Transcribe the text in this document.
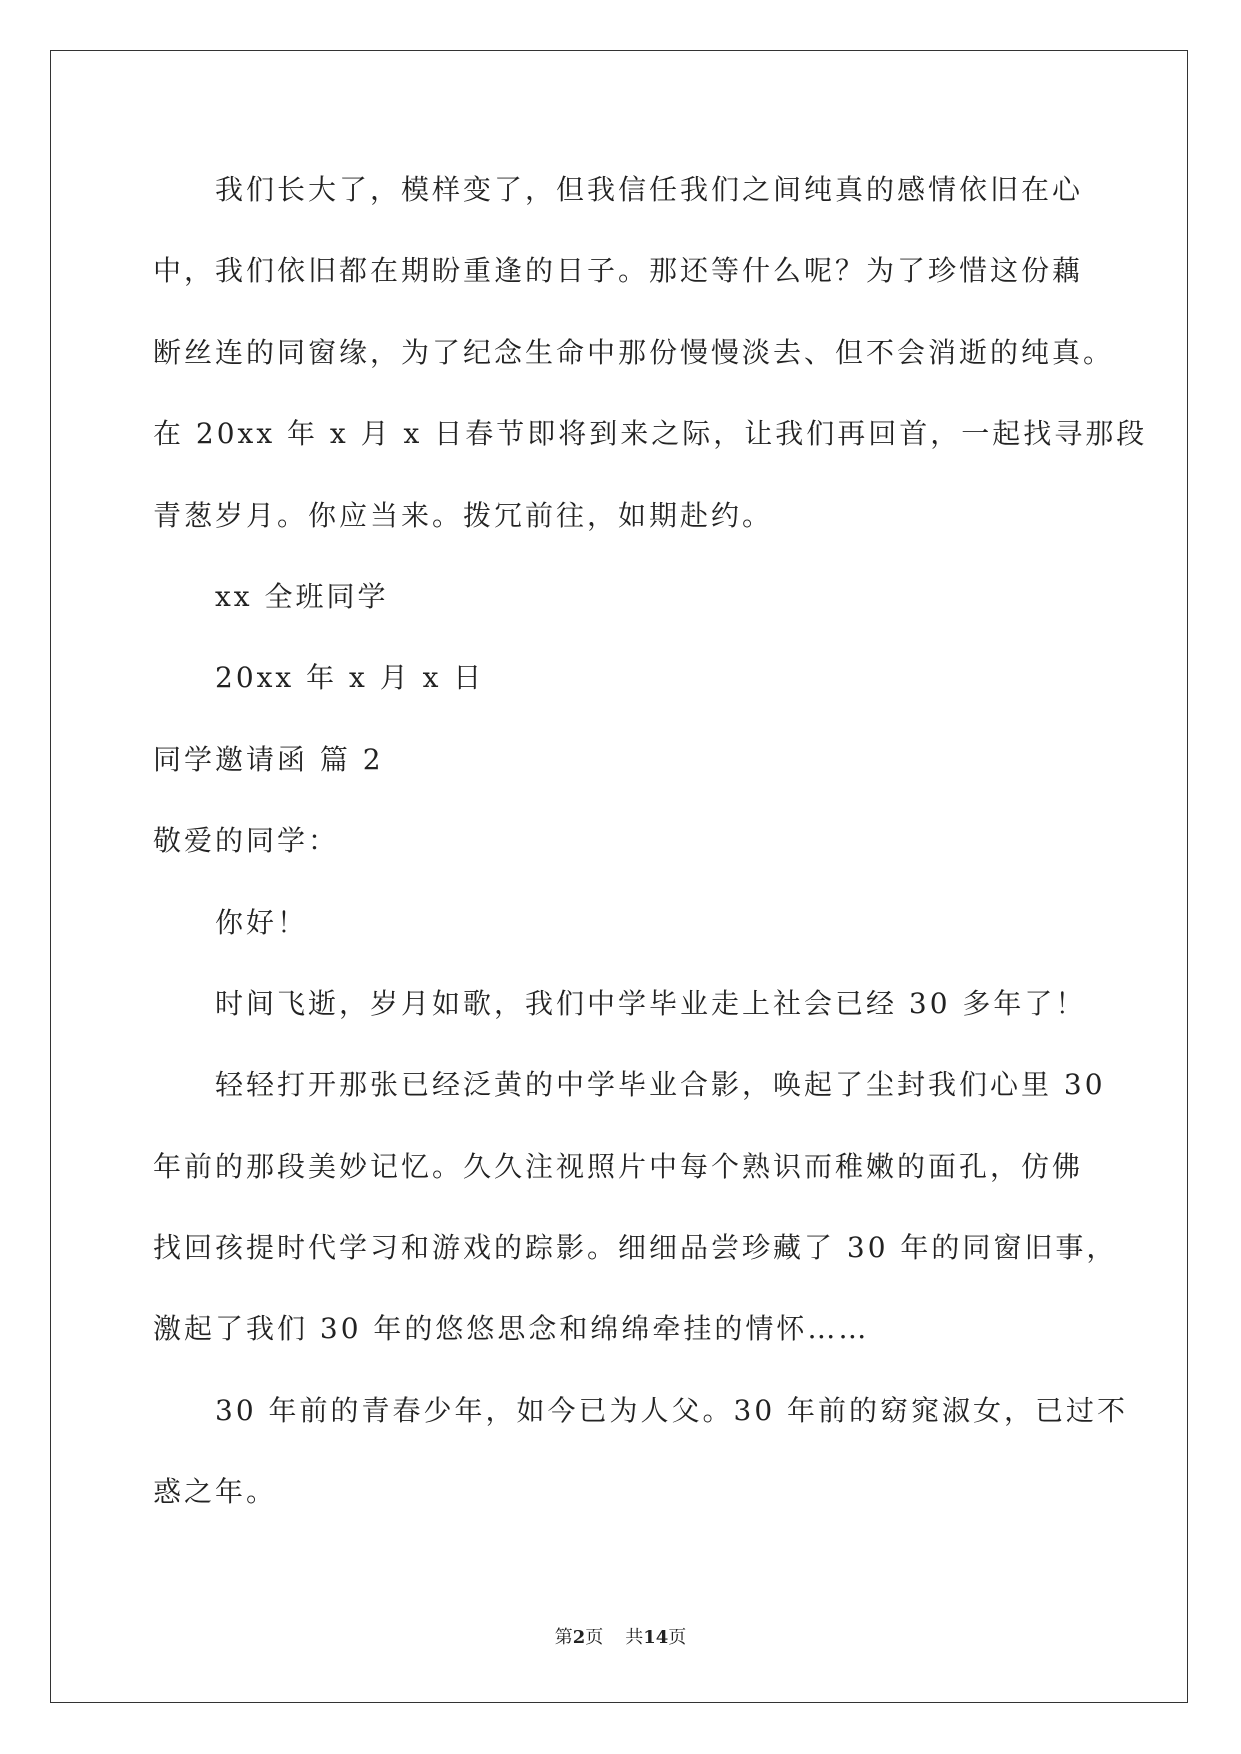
我们长大了，模样变了，但我信任我们之间纯真的感情依旧在心
中，我们依旧都在期盼重逢的日子。那还等什么呢？为了珍惜这份藕
断丝连的同窗缘，为了纪念生命中那份慢慢淡去、但不会消逝的纯真。
在 20xx 年 x 月 x 日春节即将到来之际，让我们再回首，一起找寻那段
青葱岁月。你应当来。拨冗前往，如期赴约。
xx 全班同学
20xx 年 x 月 x 日
同学邀请函 篇 2
敬爱的同学：
你好！
时间飞逝，岁月如歌，我们中学毕业走上社会已经 30 多年了！
轻轻打开那张已经泛黄的中学毕业合影，唤起了尘封我们心里 30
年前的那段美妙记忆。久久注视照片中每个熟识而稚嫩的面孔，仿佛
找回孩提时代学习和游戏的踪影。细细品尝珍藏了 30 年的同窗旧事，
激起了我们 30 年的悠悠思念和绵绵牵挂的情怀……
30 年前的青春少年，如今已为人父。30 年前的窈窕淑女，已过不
惑之年。
第2页 共14页
